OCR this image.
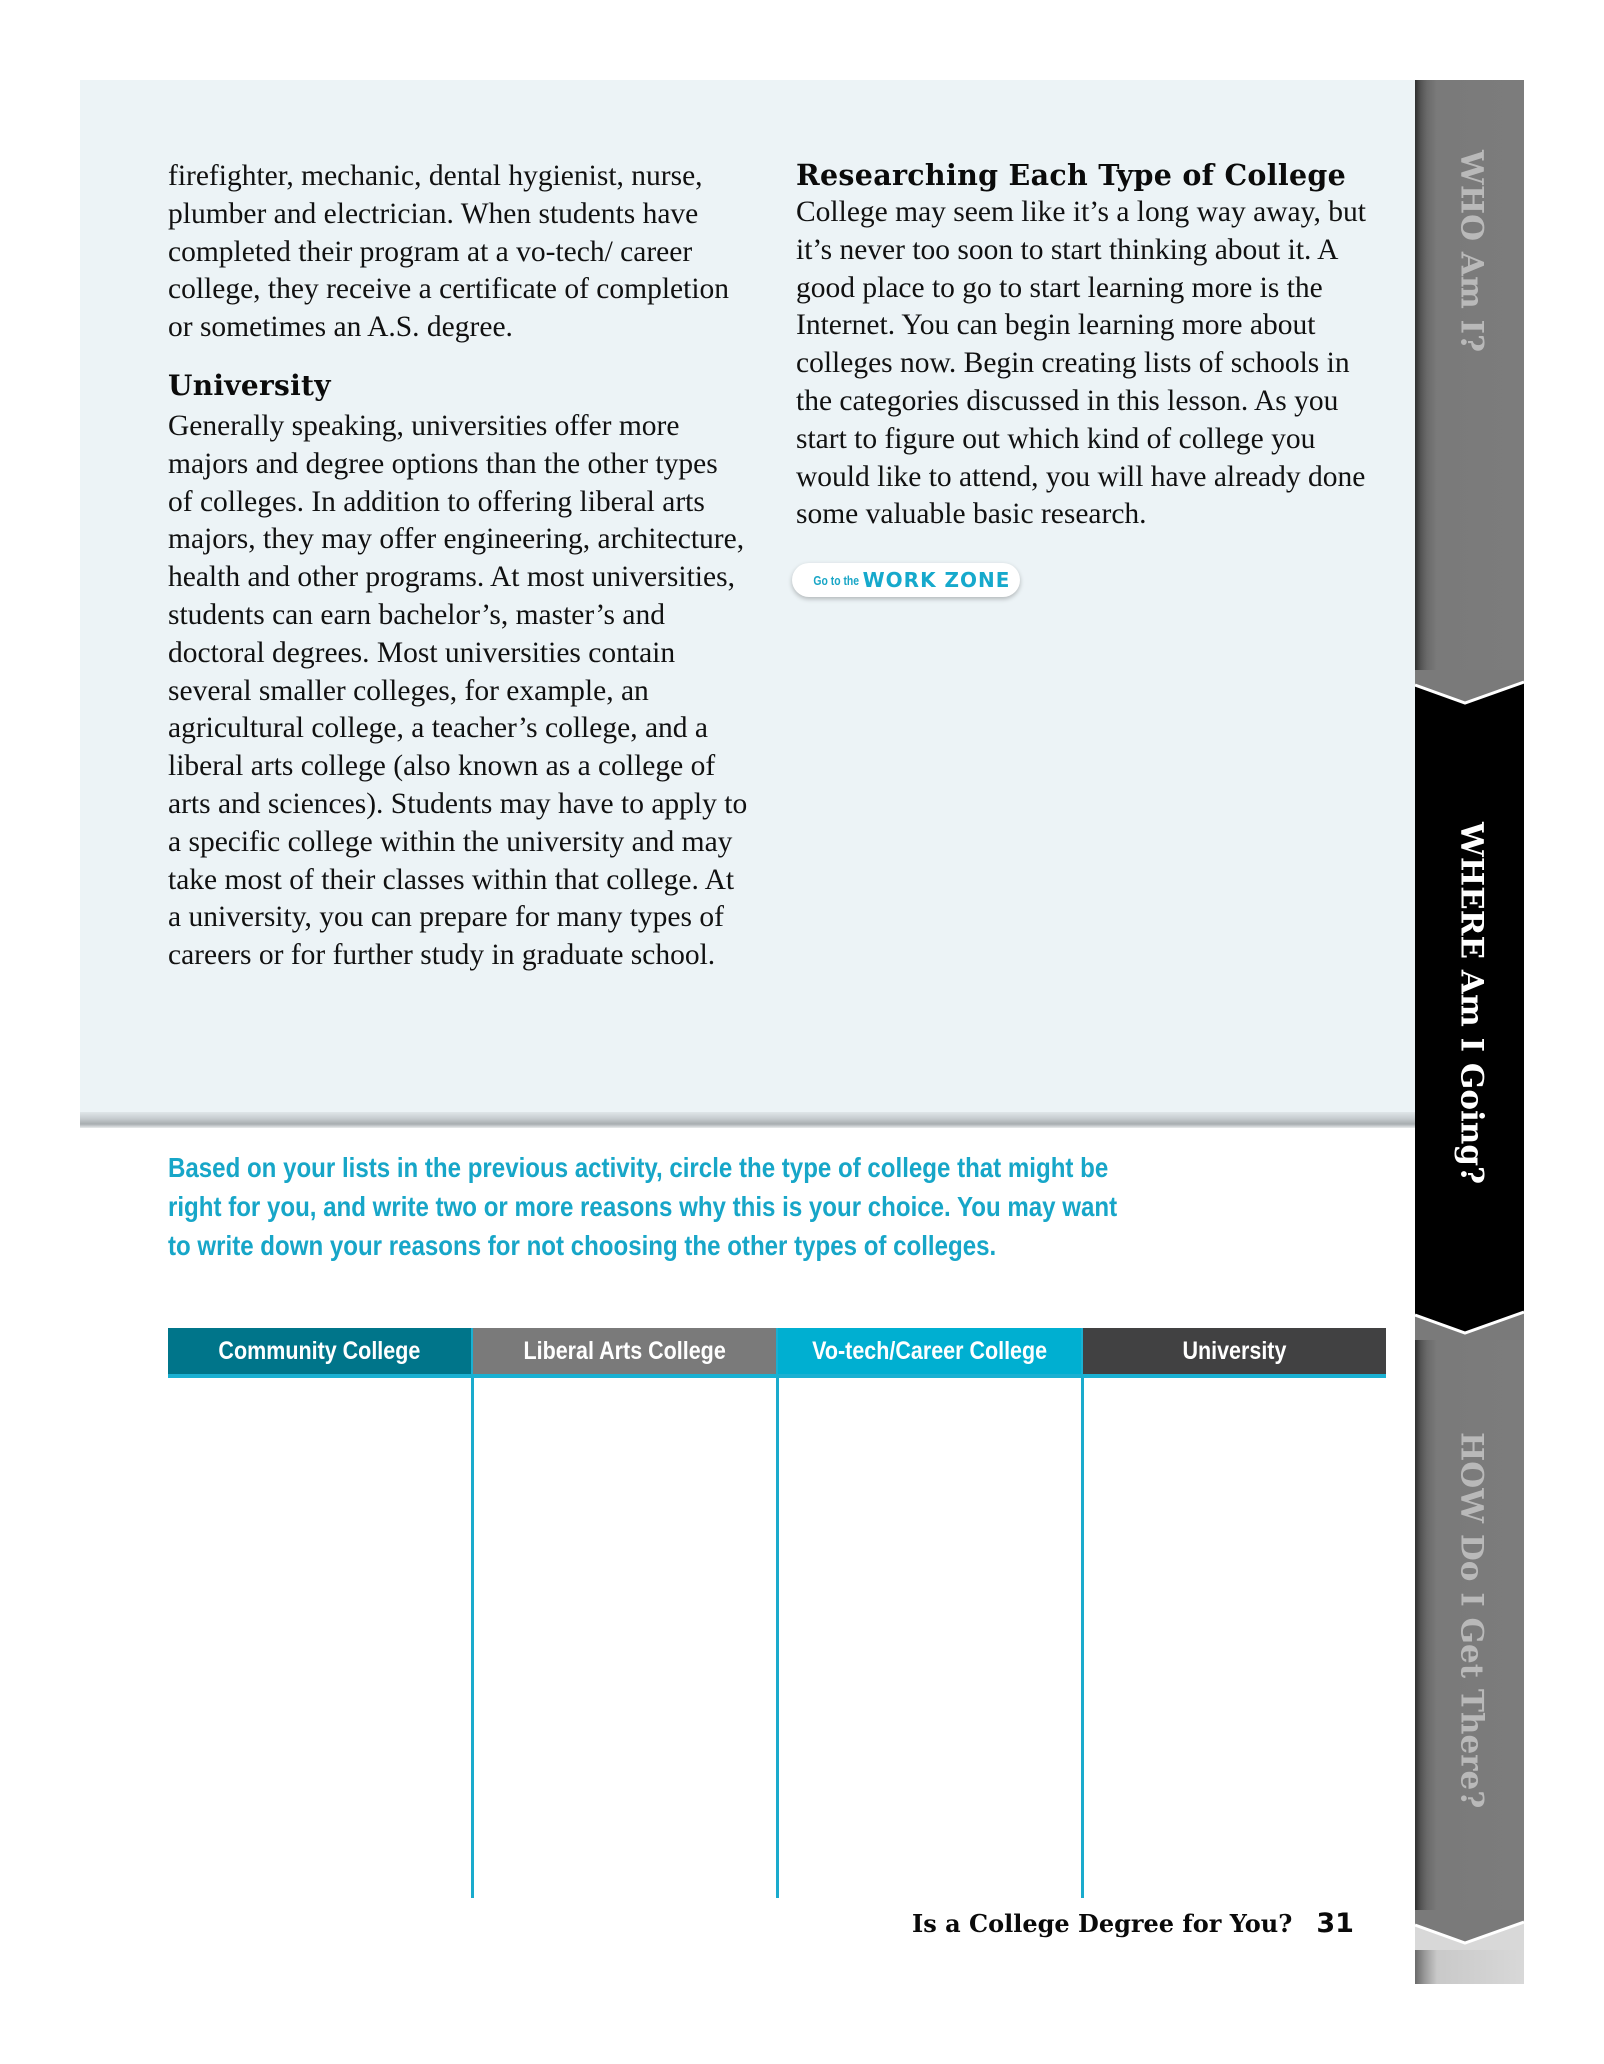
firefighter, mechanic, dental hygienist, nurse, plumber and electrician. When students have completed their program at a vo-tech/ career college, they receive a certificate of completion or sometimes an A.S. degree.

University

Generally speaking, universities offer more majors and degree options than the other types of colleges. In addition to offering liberal arts majors, they may offer engineering, architecture, health and other programs. At most universities, students can earn bachelor’s, master’s and doctoral degrees. Most universities contain several smaller colleges, for example, an agricultural college, a teacher’s college, and a liberal arts college (also known as a college of arts and sciences). Students may have to apply to a specific college within the university and may take most of their classes within that college. At a university, you can prepare for many types of careers or for further study in graduate school.

Researching Each Type of College

College may seem like it’s a long way away, but it’s never too soon to start thinking about it. A good place to go to start learning more is the Internet. You can begin learning more about colleges now. Begin creating lists of schools in the categories discussed in this lesson. As you start to figure out which kind of college you would like to attend, you will have already done some valuable basic research.

Go to the WORK ZONE

Based on your lists in the previous activity, circle the type of college that might be right for you, and write two or more reasons why this is your choice. You may want to write down your reasons for not choosing the other types of colleges.

Community College	Liberal Arts College	Vo-tech/Career College	University
Is a College Degree for You? 31
WHO Am I?
WHERE Am I Going?
HOW Do I Get There?
